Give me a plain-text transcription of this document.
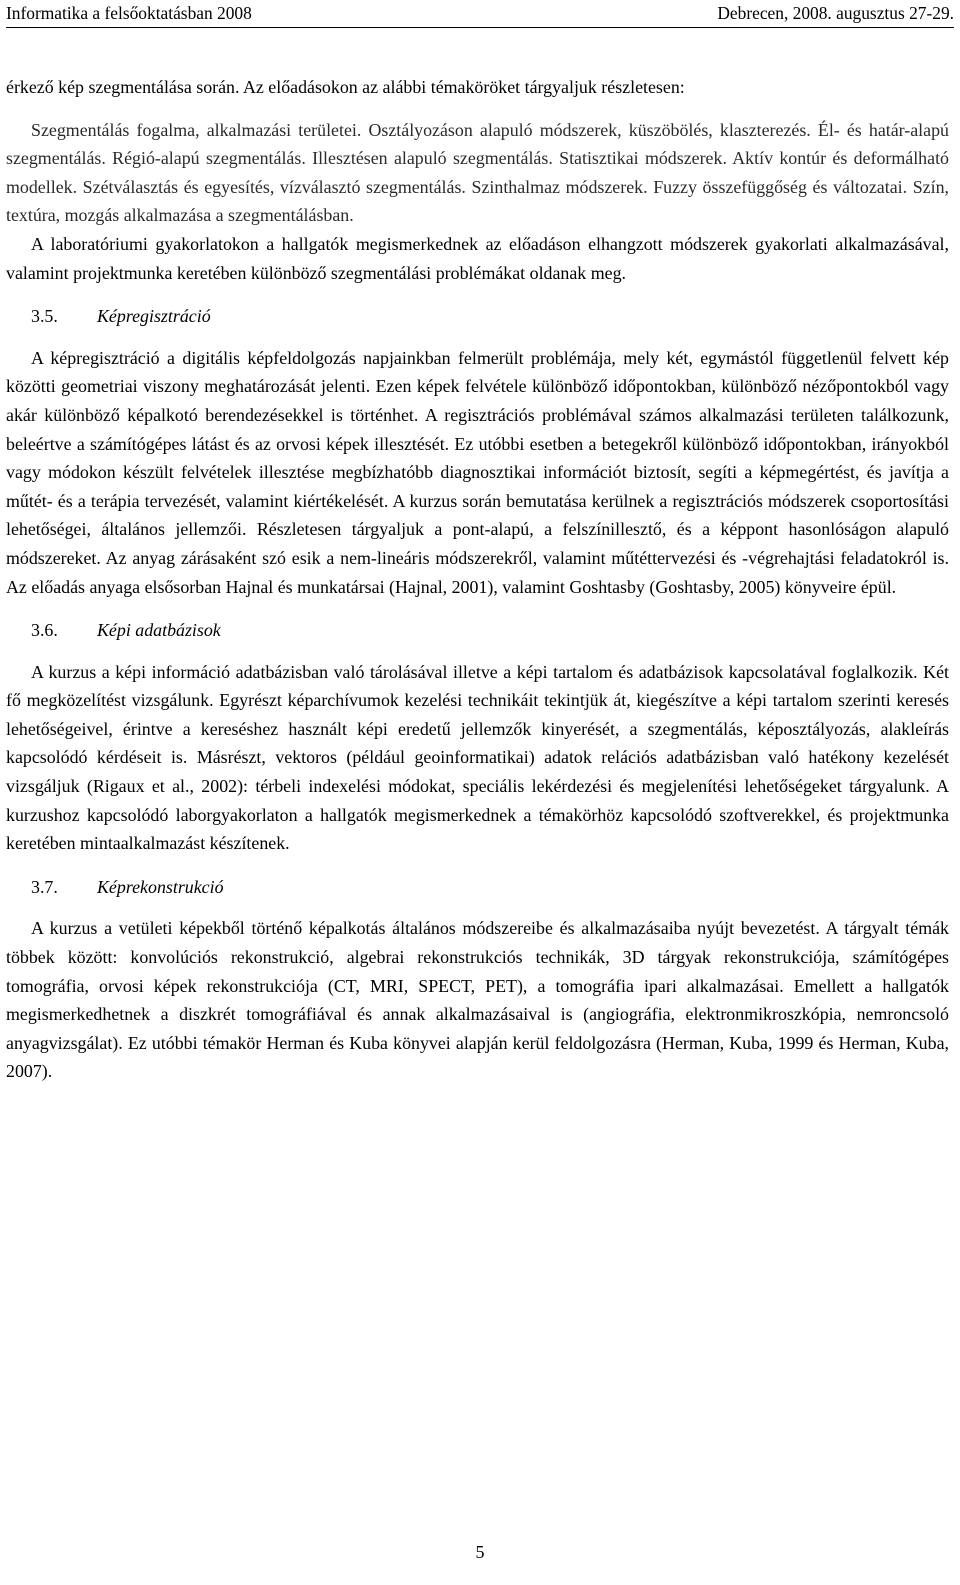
Informatika a felsőoktatásban 2008	Debrecen, 2008. augusztus 27-29.

érkező kép szegmentálása során. Az előadásokon az alábbi témaköröket tárgyaljuk részletesen:

Szegmentálás fogalma, alkalmazási területei. Osztályozáson alapuló módszerek, küszöbölés, klaszterezés. Él- és határ-alapú szegmentálás. Régió-alapú szegmentálás. Illesztésen alapuló szegmentálás. Statisztikai módszerek. Aktív kontúr és deformálható modellek. Szétválasztás és egyesítés, vízválasztó szegmentálás. Szinthalmaz módszerek. Fuzzy összefüggőség és változatai. Szín, textúra, mozgás alkalmazása a szegmentálásban.

A laboratóriumi gyakorlatokon a hallgatók megismerkednek az előadáson elhangzott módszerek gyakorlati alkalmazásával, valamint projektmunka keretében különböző szegmentálási problémákat oldanak meg.

3.5. Képregisztráció

A képregisztráció a digitális képfeldolgozás napjainkban felmerült problémája, mely két, egymástól függetlenül felvett kép közötti geometriai viszony meghatározását jelenti. Ezen képek felvétele különböző időpontokban, különböző nézőpontokból vagy akár különböző képalkotó berendezésekkel is történhet. A regisztrációs problémával számos alkalmazási területen találkozunk, beleértve a számítógépes látást és az orvosi képek illesztését. Ez utóbbi esetben a betegekről különböző időpontokban, irányokból vagy módokon készült felvételek illesztése megbízhatóbb diagnosztikai információt biztosít, segíti a képmegértést, és javítja a műtét- és a terápia tervezését, valamint kiértékelését. A kurzus során bemutatása kerülnek a regisztrációs módszerek csoportosítási lehetőségei, általános jellemzői. Részletesen tárgyaljuk a pont-alapú, a felszínillesztő, és a képpont hasonlóságon alapuló módszereket. Az anyag zárásaként szó esik a nem-lineáris módszerekről, valamint műtéttervezési és -végrehajtási feladatokról is. Az előadás anyaga elsősorban Hajnal és munkatársai (Hajnal, 2001), valamint Goshtasby (Goshtasby, 2005) könyveire épül.

3.6. Képi adatbázisok

A kurzus a képi információ adatbázisban való tárolásával illetve a képi tartalom és adatbázisok kapcsolatával foglalkozik. Két fő megközelítést vizsgálunk. Egyrészt képarchívumok kezelési technikáit tekintjük át, kiegészítve a képi tartalom szerinti keresés lehetőségeivel, érintve a kereséshez használt képi eredetű jellemzők kinyerését, a szegmentálás, képosztályozás, alakleírás kapcsolódó kérdéseit is. Másrészt, vektoros (például geoinformatikai) adatok relációs adatbázisban való hatékony kezelését vizsgáljuk (Rigaux et al., 2002): térbeli indexelési módokat, speciális lekérdezési és megjelenítési lehetőségeket tárgyalunk. A kurzushoz kapcsolódó laborgyakorlaton a hallgatók megismerkednek a témakörhöz kapcsolódó szoftverekkel, és projektmunka keretében mintaalkalmazást készítenek.

3.7. Képrekonstrukció

A kurzus a vetületi képekből történő képalkotás általános módszereibe és alkalmazásaiba nyújt bevezetést. A tárgyalt témák többek között: konvolúciós rekonstrukció, algebrai rekonstrukciós technikák, 3D tárgyak rekonstrukciója, számítógépes tomográfia, orvosi képek rekonstrukciója (CT, MRI, SPECT, PET), a tomográfia ipari alkalmazásai. Emellett a hallgatók megismerkedhetnek a diszkrét tomográfiával és annak alkalmazásaival is (angiográfia, elektronmikroszkópia, nemroncsoló anyagvizsgálat). Ez utóbbi témakör Herman és Kuba könyvei alapján kerül feldolgozásra (Herman, Kuba, 1999 és Herman, Kuba, 2007).

5
